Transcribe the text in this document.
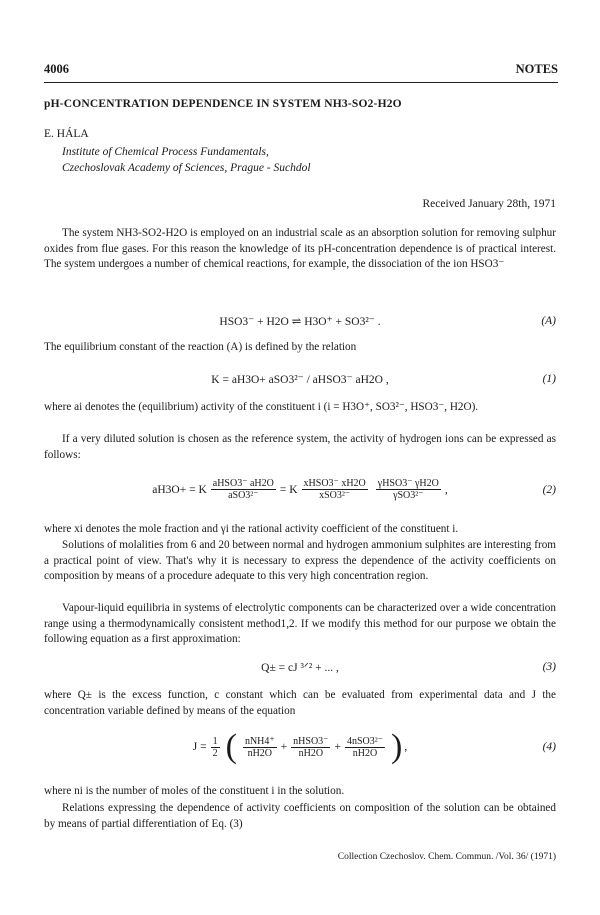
4006	NOTES
pH-CONCENTRATION DEPENDENCE IN SYSTEM NH3-SO2-H2O
E. HÁLA
Institute of Chemical Process Fundamentals,
Czechoslovak Academy of Sciences, Prague - Suchdol
Received January 28th, 1971

The system NH3-SO2-H2O is employed on an industrial scale as an absorption solution for removing sulphur oxides from flue gases. For this reason the knowledge of its pH-concentration dependence is of practical interest. The system undergoes a number of chemical reactions, for example, the dissociation of the ion HSO3⁻

HSO3⁻ + H2O ⇌ H3O⁺ + SO3²⁻ .	(A)

The equilibrium constant of the reaction (A) is defined by the relation

K = aH3O+ aSO3²⁻ / aHSO3⁻ aH2O ,	(1)

where ai denotes the (equilibrium) activity of the constituent i (i = H3O⁺, SO3²⁻, HSO3⁻, H2O).

If a very diluted solution is chosen as the reference system, the activity of hydrogen ions can be expressed as follows:

aH3O+ = K $\frac{\text{aHSO3⁻ aH2O}}{\text{aSO3²⁻}} = K \frac{\text{xHSO3⁻ xH2O}}{\text{xSO3²⁻}} \frac{\text{γHSO3⁻ γH2O}}{\text{γSO3²⁻}}$ ,	(2)

where xi denotes the mole fraction and γi the rational activity coefficient of the constituent i.

Solutions of molalities from 6 and 20 between normal and hydrogen ammonium sulphites are interesting from a practical point of view. That's why it is necessary to express the dependence of the activity coefficients on composition by means of a procedure adequate to this very high concentration region.

Vapour-liquid equilibria in systems of electrolytic components can be characterized over a wide concentration range using a thermodynamically consistent method1,2. If we modify this method for our purpose we obtain the following equation as a first approximation:

Q± = cJ ³ᐟ² + ... ,	(3)

where Q± is the excess function, c constant which can be evaluated from experimental data and J the concentration variable defined by means of the equation

$J = \frac{1}{2}$ ( $\frac{\text{nNH4⁺}}{nH2O} + \frac{\text{nHSO3⁻}}{nH2O} + \frac{\text{4nSO3²⁻}}{nH2O}$ ) ,	(4)

where ni is the number of moles of the constituent i in the solution.

Relations expressing the dependence of activity coefficients on composition of the solution can be obtained by means of partial differentiation of Eq. (3)

Collection Czechoslov. Chem. Commun. /Vol. 36/ (1971)
